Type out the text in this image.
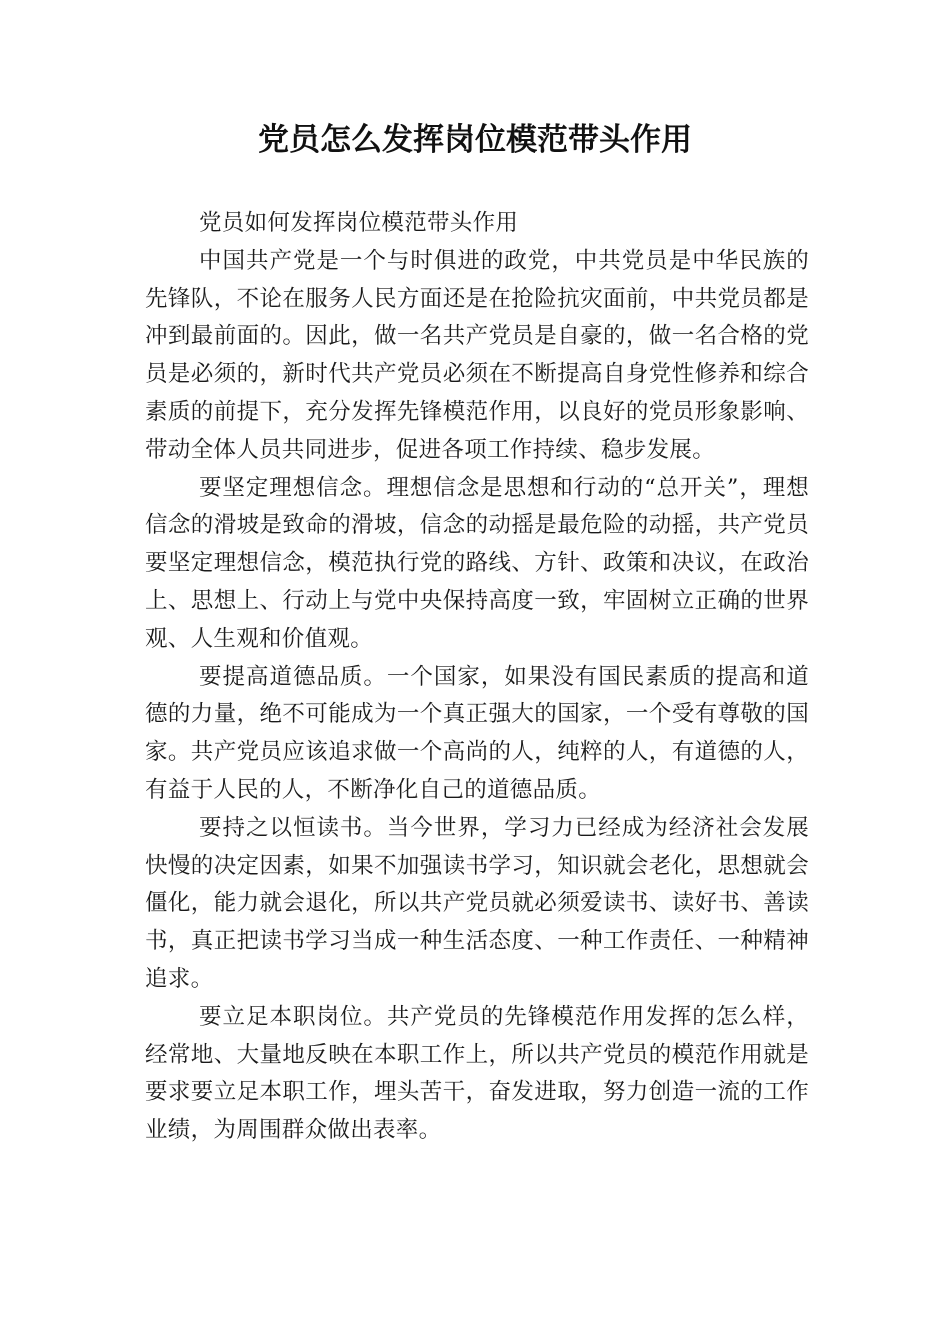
党员怎么发挥岗位模范带头作用

党员如何发挥岗位模范带头作用

中国共产党是一个与时俱进的政党，中共党员是中华民族的先锋队，不论在服务人民方面还是在抢险抗灾面前，中共党员都是冲到最前面的。因此，做一名共产党员是自豪的，做一名合格的党员是必须的，新时代共产党员必须在不断提高自身党性修养和综合素质的前提下，充分发挥先锋模范作用，以良好的党员形象影响、带动全体人员共同进步，促进各项工作持续、稳步发展。

要坚定理想信念。理想信念是思想和行动的“总开关”，理想信念的滑坡是致命的滑坡，信念的动摇是最危险的动摇，共产党员要坚定理想信念，模范执行党的路线、方针、政策和决议，在政治上、思想上、行动上与党中央保持高度一致，牢固树立正确的世界观、人生观和价值观。

要提高道德品质。一个国家，如果没有国民素质的提高和道德的力量，绝不可能成为一个真正强大的国家，一个受有尊敬的国家。共产党员应该追求做一个高尚的人，纯粹的人，有道德的人，有益于人民的人，不断净化自己的道德品质。

要持之以恒读书。当今世界，学习力已经成为经济社会发展快慢的决定因素，如果不加强读书学习，知识就会老化，思想就会僵化，能力就会退化，所以共产党员就必须爱读书、读好书、善读书，真正把读书学习当成一种生活态度、一种工作责任、一种精神追求。

要立足本职岗位。共产党员的先锋模范作用发挥的怎么样，经常地、大量地反映在本职工作上，所以共产党员的模范作用就是要求要立足本职工作，埋头苦干，奋发进取，努力创造一流的工作业绩，为周围群众做出表率。
